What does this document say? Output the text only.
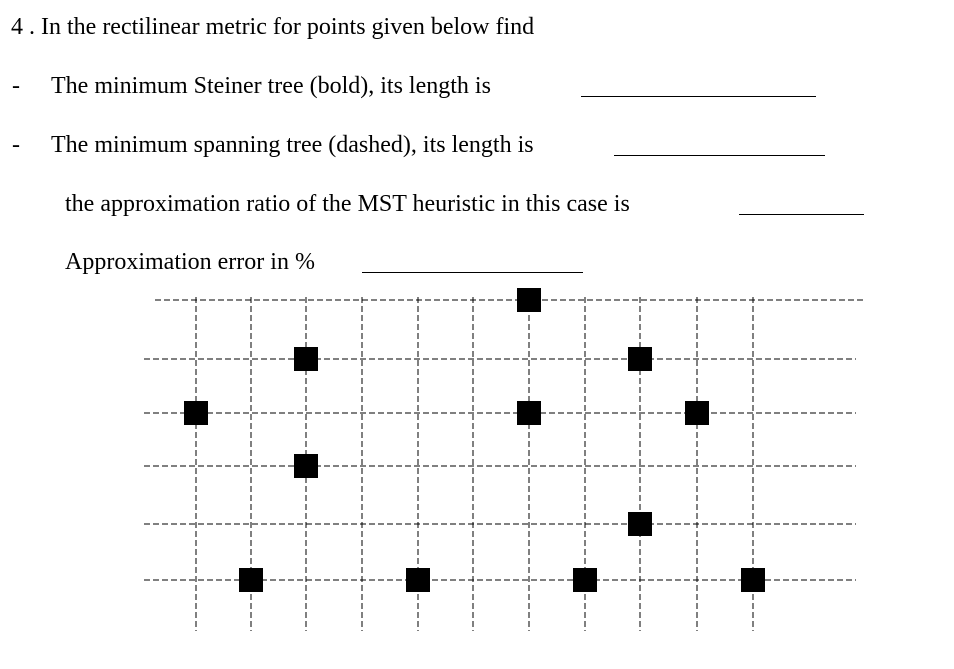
4 . In the rectilinear metric for points given below find
- The minimum Steiner tree (bold), its length is
- The minimum spanning tree (dashed), its length is
the approximation ratio of the MST heuristic in this case is
Approximation error in %
